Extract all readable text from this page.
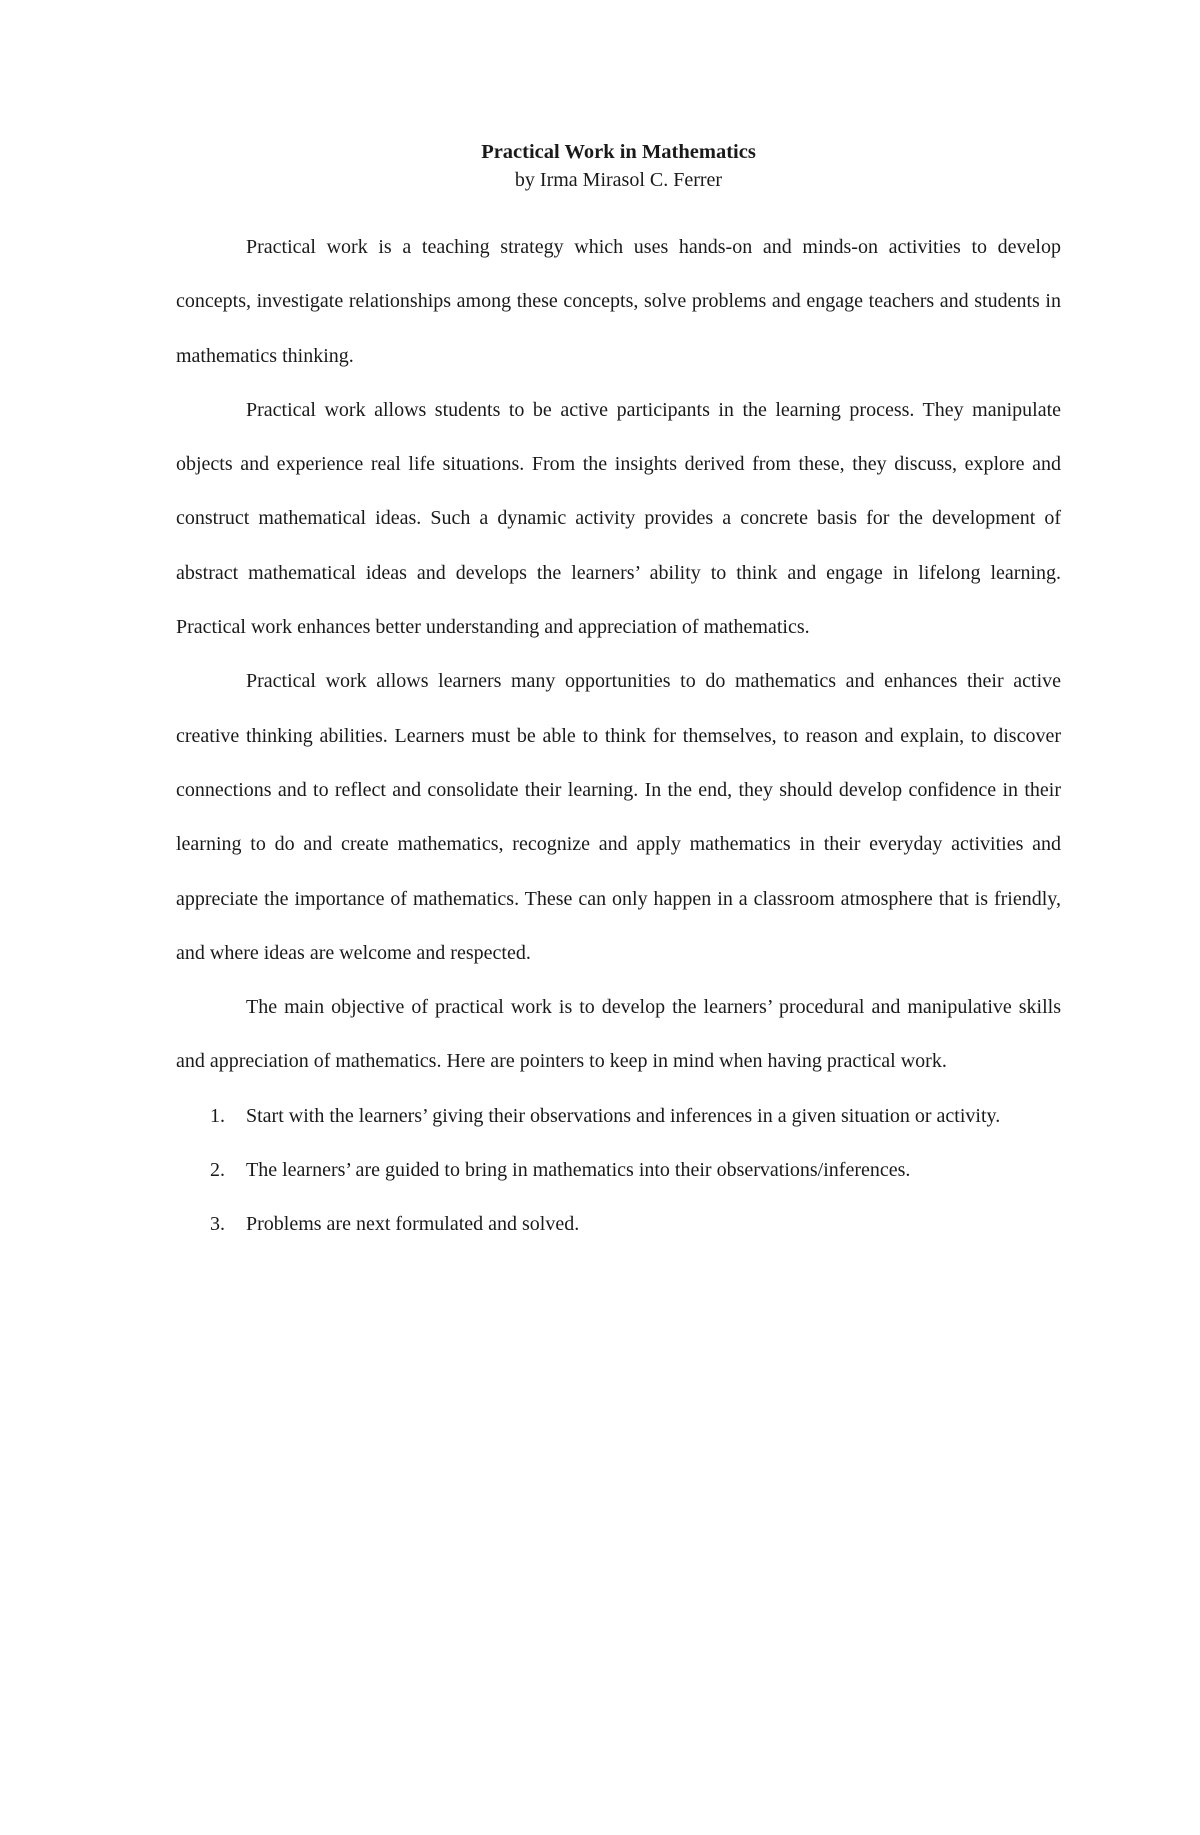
Practical Work in Mathematics

by Irma Mirasol C. Ferrer

Practical work is a teaching strategy which uses hands-on and minds-on activities to develop concepts, investigate relationships among these concepts, solve problems and engage teachers and students in mathematics thinking.

Practical work allows students to be active participants in the learning process. They manipulate objects and experience real life situations. From the insights derived from these, they discuss, explore and construct mathematical ideas. Such a dynamic activity provides a concrete basis for the development of abstract mathematical ideas and develops the learners’ ability to think and engage in lifelong learning. Practical work enhances better understanding and appreciation of mathematics.

Practical work allows learners many opportunities to do mathematics and enhances their active creative thinking abilities. Learners must be able to think for themselves, to reason and explain, to discover connections and to reflect and consolidate their learning. In the end, they should develop confidence in their learning to do and create mathematics, recognize and apply mathematics in their everyday activities and appreciate the importance of mathematics. These can only happen in a classroom atmosphere that is friendly, and where ideas are welcome and respected.

The main objective of practical work is to develop the learners’ procedural and manipulative skills and appreciation of mathematics. Here are pointers to keep in mind when having practical work.

1. Start with the learners’ giving their observations and inferences in a given situation or activity.
2. The learners’ are guided to bring in mathematics into their observations/inferences.
3. Problems are next formulated and solved.
